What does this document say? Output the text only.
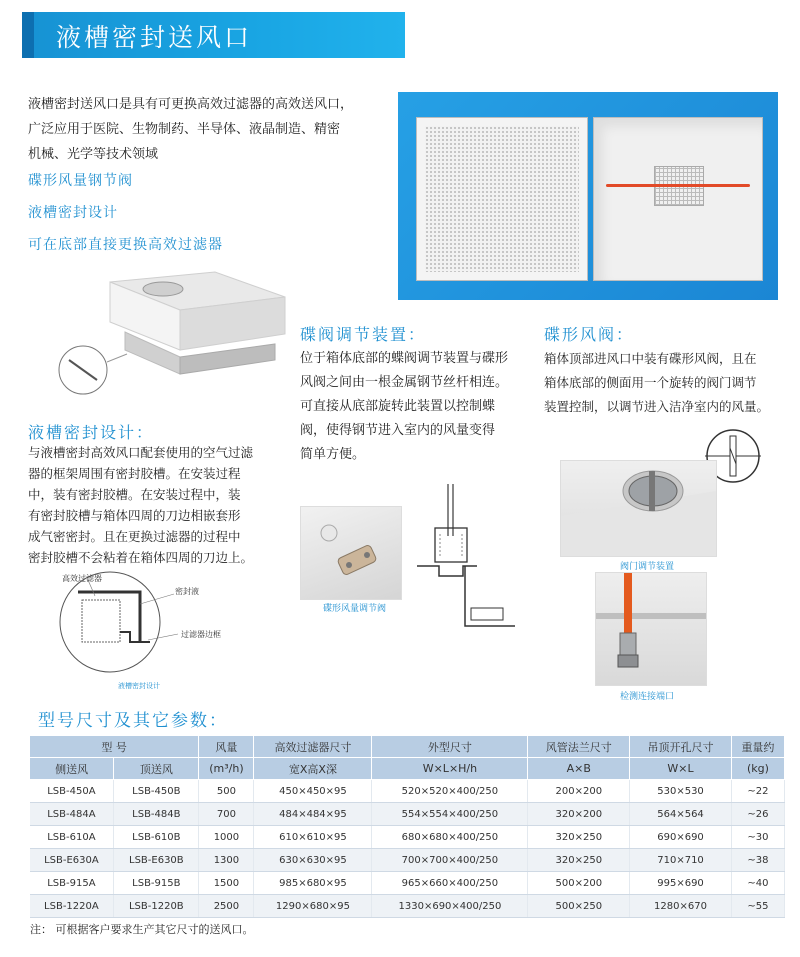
液槽密封送风口
液槽密封送风口是具有可更换高效过滤器的高效送风口，
广泛应用于医院、生物制药、半导体、液晶制造、精密
机械、光学等技术领域
碟形风量钢节阀
液槽密封设计
可在底部直接更换高效过滤器
液槽密封设计：
与液槽密封高效风口配套使用的空气过滤
器的框架周围有密封胶槽。在安装过程
中，装有密封胶槽。在安装过程中，装
有密封胶槽与箱体四周的刀边相嵌套形
成气密密封。且在更换过滤器的过程中
密封胶槽不会粘着在箱体四周的刀边上。
高效过滤器
密封液
过滤器边框
液槽密封设计
碟阀调节装置：
位于箱体底部的蝶阀调节装置与碟形
风阀之间由一根金属钢节丝杆相连。
可直接从底部旋转此装置以控制蝶
阀，使得钢节进入室内的风量变得
简单方便。
碟形风量调节阀
碟形风阀：
箱体顶部进风口中装有碟形风阀，且在
箱体底部的侧面用一个旋转的阀门调节
装置控制，以调节进入洁净室内的风量。
阀门调节装置
检测连接端口
型号尺寸及其它参数：
型 号		风量	高效过滤器尺寸	外型尺寸	风管法兰尺寸	吊顶开孔尺寸	重量约
侧送风	顶送风	(m³/h)	宽X高X深	W×L×H/h	A×B	W×L	(kg)
LSB-450A	LSB-450B	500	450×450×95	520×520×400/250	200×200	530×530	~22
LSB-484A	LSB-484B	700	484×484×95	554×554×400/250	320×200	564×564	~26
LSB-610A	LSB-610B	1000	610×610×95	680×680×400/250	320×250	690×690	~30
LSB-E630A	LSB-E630B	1300	630×630×95	700×700×400/250	320×250	710×710	~38
LSB-915A	LSB-915B	1500	985×680×95	965×660×400/250	500×200	995×690	~40
LSB-1220A	LSB-1220B	2500	1290×680×95	1330×690×400/250	500×250	1280×670	~55
注： 可根据客户要求生产其它尺寸的送风口。
